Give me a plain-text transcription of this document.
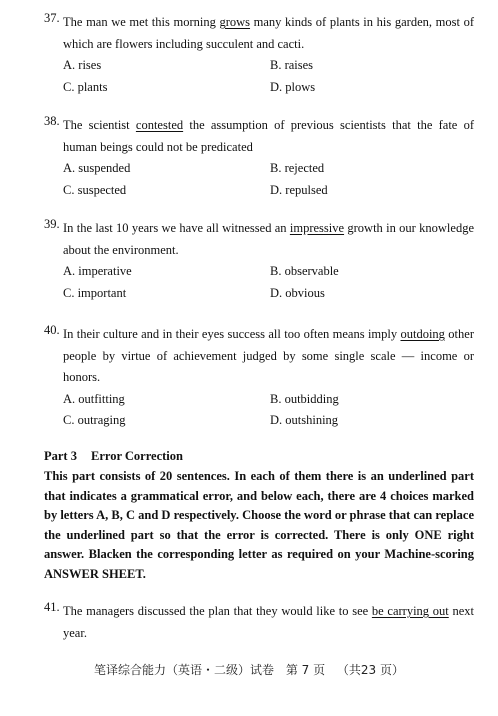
37. The man we met this morning grows many kinds of plants in his garden, most of which are flowers including succulent and cacti.
A. rises	B. raises
C. plants	D. plows
38. The scientist contested the assumption of previous scientists that the fate of human beings could not be predicated
A. suspended	B. rejected
C. suspected	D. repulsed
39. In the last 10 years we have all witnessed an impressive growth in our knowledge about the environment.
A. imperative	B. observable
C. important	D. obvious
40. In their culture and in their eyes success all too often means imply outdoing other people by virtue of achievement judged by some single scale — income or honors.
A. outfitting	B. outbidding
C. outraging	D. outshining
Part 3 Error Correction
This part consists of 20 sentences. In each of them there is an underlined part that indicates a grammatical error, and below each, there are 4 choices marked by letters A, B, C and D respectively. Choose the word or phrase that can replace the underlined part so that the error is corrected. There is only ONE right answer. Blacken the corresponding letter as required on your Machine-scoring ANSWER SHEET.
41. The managers discussed the plan that they would like to see be carrying out next year.
笔译综合能力（英语・二级）试卷 第 7 页 （共23 页）
